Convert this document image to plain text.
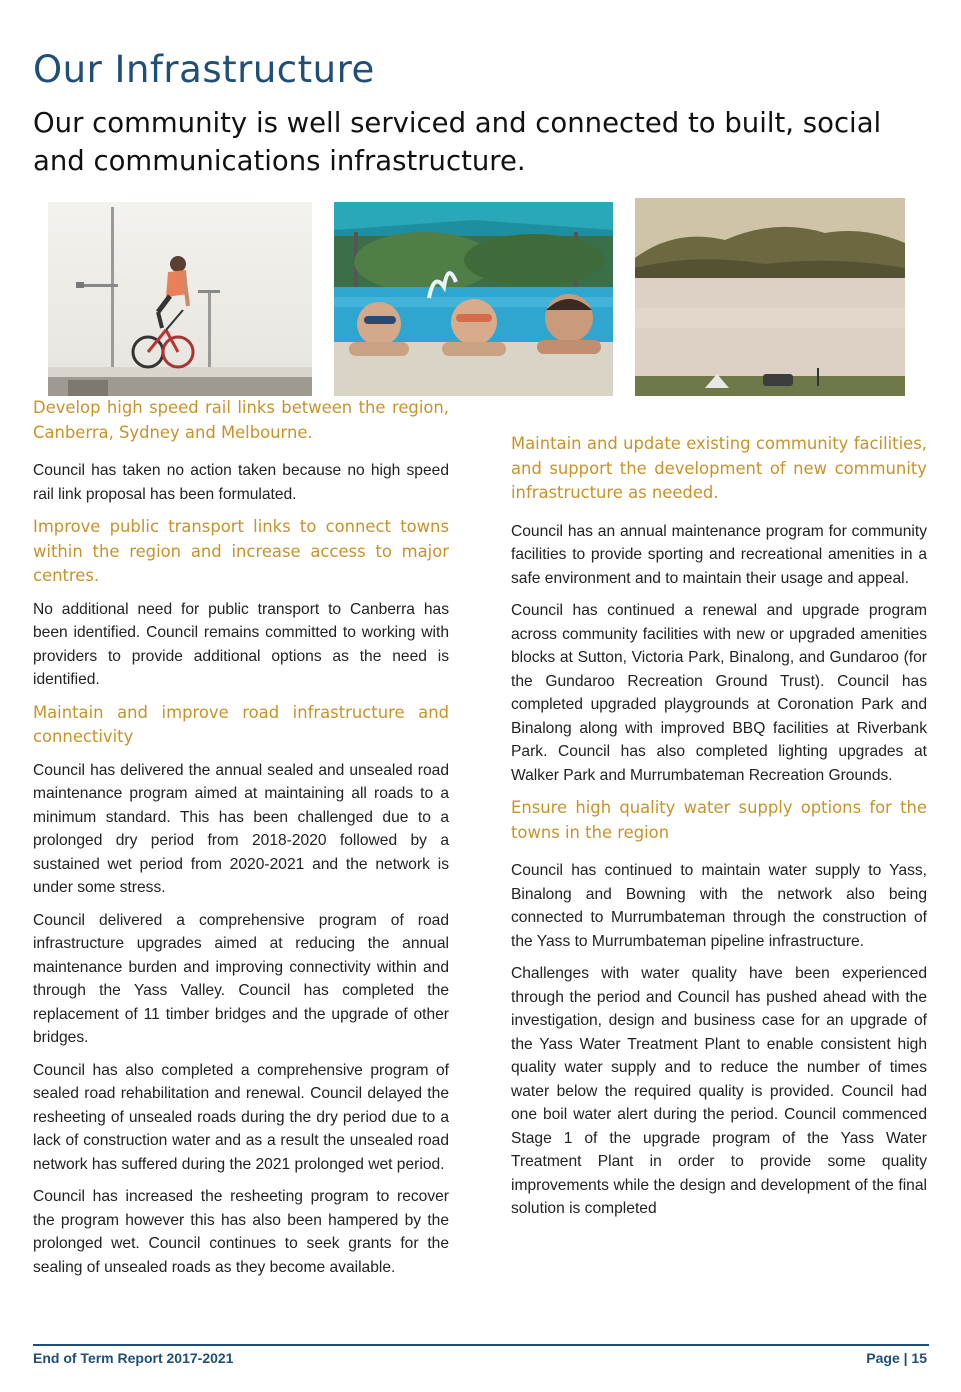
Our Infrastructure
Our community is well serviced and connected to built, social and communications infrastructure.

Develop high speed rail links between the region, Canberra, Sydney and Melbourne.

Council has taken no action taken because no high speed rail link proposal has been formulated.

Improve public transport links to connect towns within the region and increase access to major centres.

No additional need for public transport to Canberra has been identified. Council remains committed to working with providers to provide additional options as the need is identified.

Maintain and improve road infrastructure and connectivity

Council has delivered the annual sealed and unsealed road maintenance program aimed at maintaining all roads to a minimum standard. This has been challenged due to a prolonged dry period from 2018-2020 followed by a sustained wet period from 2020-2021 and the network is under some stress.

Council delivered a comprehensive program of road infrastructure upgrades aimed at reducing the annual maintenance burden and improving connectivity within and through the Yass Valley. Council has completed the replacement of 11 timber bridges and the upgrade of other bridges.

Council has also completed a comprehensive program of sealed road rehabilitation and renewal. Council delayed the resheeting of unsealed roads during the dry period due to a lack of construction water and as a result the unsealed road network has suffered during the 2021 prolonged wet period.

Council has increased the resheeting program to recover the program however this has also been hampered by the prolonged wet. Council continues to seek grants for the sealing of unsealed roads as they become available.

Maintain and update existing community facilities, and support the development of new community infrastructure as needed.

Council has an annual maintenance program for community facilities to provide sporting and recreational amenities in a safe environment and to maintain their usage and appeal.

Council has continued a renewal and upgrade program across community facilities with new or upgraded amenities blocks at Sutton, Victoria Park, Binalong, and Gundaroo (for the Gundaroo Recreation Ground Trust). Council has completed upgraded playgrounds at Coronation Park and Binalong along with improved BBQ facilities at Riverbank Park. Council has also completed lighting upgrades at Walker Park and Murrumbateman Recreation Grounds.

Ensure high quality water supply options for the towns in the region

Council has continued to maintain water supply to Yass, Binalong and Bowning with the network also being connected to Murrumbateman through the construction of the Yass to Murrumbateman pipeline infrastructure.

Challenges with water quality have been experienced through the period and Council has pushed ahead with the investigation, design and business case for an upgrade of the Yass Water Treatment Plant to enable consistent high quality water supply and to reduce the number of times water below the required quality is provided. Council had one boil water alert during the period. Council commenced Stage 1 of the upgrade program of the Yass Water Treatment Plant in order to provide some quality improvements while the design and development of the final solution is completed

End of Term Report 2017-2021	Page | 15
